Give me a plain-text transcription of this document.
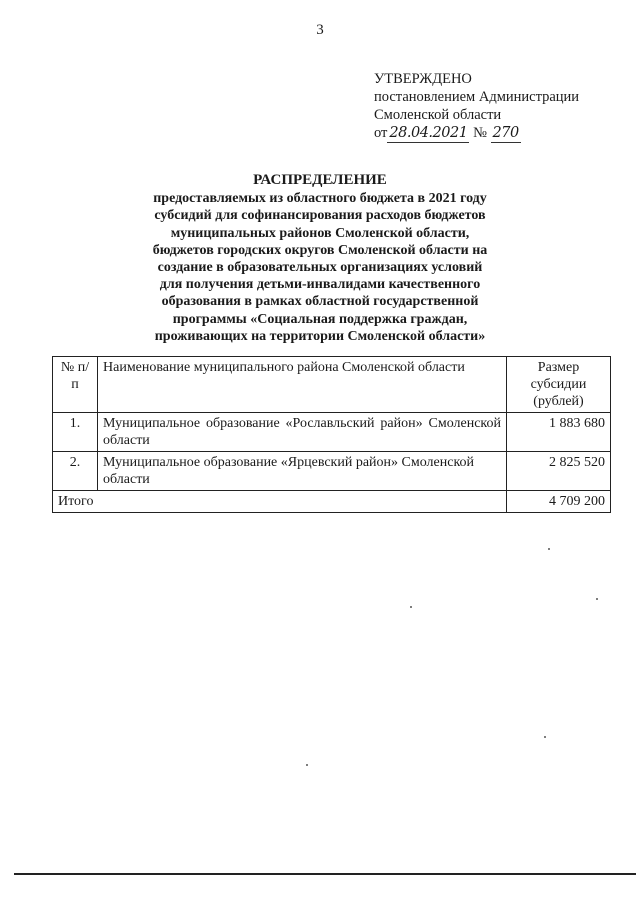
3
УТВЕРЖДЕНО
постановлением Администрации
Смоленской области
от 28.04.2021 № 270
РАСПРЕДЕЛЕНИЕ
предоставляемых из областного бюджета в 2021 году
субсидий для софинансирования расходов бюджетов
муниципальных районов Смоленской области,
бюджетов городских округов Смоленской области на
создание в образовательных организациях условий
для получения детьми-инвалидами качественного
образования в рамках областной государственной
программы «Социальная поддержка граждан,
проживающих на территории Смоленской области»
№ п/п	Наименование муниципального района Смоленской области	Размер субсидии (рублей)
1.	Муниципальное образование «Рославльский район» Смоленской области	1 883 680
2.	Муниципальное образование «Ярцевский район» Смоленской области	2 825 520
Итого		4 709 200
